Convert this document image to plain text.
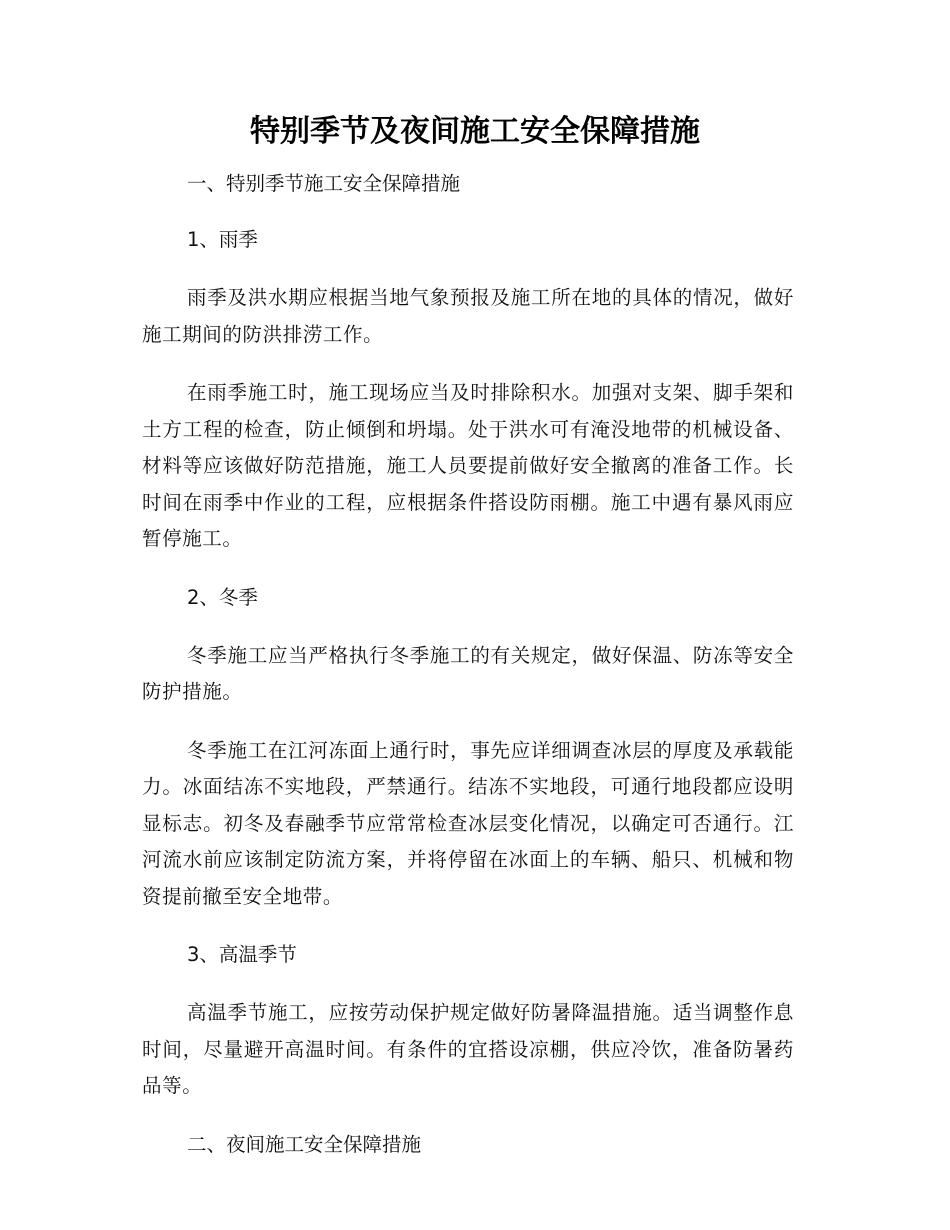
特别季节及夜间施工安全保障措施

一、特别季节施工安全保障措施

1、雨季

雨季及洪水期应根据当地气象预报及施工所在地的具体的情况，做好施工期间的防洪排涝工作。

在雨季施工时，施工现场应当及时排除积水。加强对支架、脚手架和土方工程的检查，防止倾倒和坍塌。处于洪水可有淹没地带的机械设备、材料等应该做好防范措施，施工人员要提前做好安全撤离的准备工作。长时间在雨季中作业的工程，应根据条件搭设防雨棚。施工中遇有暴风雨应暂停施工。

2、冬季

冬季施工应当严格执行冬季施工的有关规定，做好保温、防冻等安全防护措施。

冬季施工在江河冻面上通行时，事先应详细调查冰层的厚度及承载能力。冰面结冻不实地段，严禁通行。结冻不实地段，可通行地段都应设明显标志。初冬及春融季节应常常检查冰层变化情况，以确定可否通行。江河流水前应该制定防流方案，并将停留在冰面上的车辆、船只、机械和物资提前撤至安全地带。

3、高温季节

高温季节施工，应按劳动保护规定做好防暑降温措施。适当调整作息时间，尽量避开高温时间。有条件的宜搭设凉棚，供应冷饮，准备防暑药品等。

二、夜间施工安全保障措施
